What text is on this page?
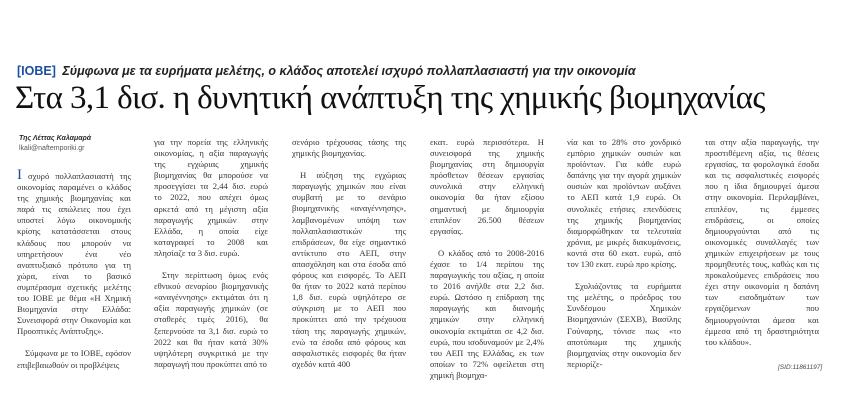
[ΙΟΒΕ] Σύμφωνα με τα ευρήματα μελέτης, ο κλάδος αποτελεί ισχυρό πολλαπλασιαστή για την οικονομία
Στα 3,1 δισ. η δυνητική ανάπτυξη της χημικής βιομηχανίας
Της Λέττας Καλαμαρά
lkali@naftemporiki.gr

Ι σχυρό πολλαπλασιαστή της οικονομίας παραμένει ο κλάδος της χημικής βιομηχανίας και παρά τις απώλειες που έχει υποστεί λόγω οικονομικής κρίσης κατατάσσεται στους κλάδους που μπορούν να υπηρετήσουν ένα νέο αναπτυξιακό πρότυπο για τη χώρα, είναι το βασικό συμπέρασμα σχετικής μελέτης του ΙΟΒΕ με θέμα «Η Χημική Βιομηχανία στην Ελλάδα: Συνεισφορά στην Οικονομία και Προοπτικές Ανάπτυξης».

Σύμφωνα με το ΙΟΒΕ, εφόσον επιβεβαιωθούν οι προβλέψεις

για την πορεία της ελληνικής οικονομίας, η αξία παραγωγής της εγχώριας χημικής βιομηχανίας θα μπορούσε να προσεγγίσει τα 2,44 δισ. ευρώ το 2022, που απέχει όμως αρκετά από τη μέγιστη αξία παραγωγής χημικών στην Ελλάδα, η οποία είχε καταγραφεί το 2008 και πλησίαζε τα 3 δισ. ευρώ.

Στην περίπτωση όμως ενός εθνικού σεναρίου βιομηχανικής «αναγέννησης» εκτιμάται ότι η αξία παραγωγής χημικών (σε σταθερές τιμές 2016), θα ξεπερνούσε τα 3,1 δισ. ευρώ το 2022 και θα ήταν κατά 30% υψηλότερη συγκριτικά με την παραγωγή που προκύπτει από το

σενάριο τρέχουσας τάσης της χημικής βιομηχανίας.

Η αύξηση της εγχώριας παραγωγής χημικών που είναι συμβατή με το σενάριο βιομηχανικής «αναγέννησης», λαμβανομένων υπόψη των πολλαπλασιαστικών της επιδράσεων, θα είχε σημαντικό αντίκτυπο στο ΑΕΠ, στην απασχόληση και στα έσοδα από φόρους και εισφορές. Το ΑΕΠ θα ήταν το 2022 κατά περίπου 1,8 δισ. ευρώ υψηλότερο σε σύγκριση με το ΑΕΠ που προκύπτει από την τρέχουσα τάση της παραγωγής χημικών, ενώ τα έσοδα από φόρους και ασφαλιστικές εισφορές θα ήταν σχεδόν κατά 400

εκατ. ευρώ περισσότερα. Η συνεισφορά της χημικής βιομηχανίας στη δημιουργία πρόσθετων θέσεων εργασίας συνολικά στην ελληνική οικονομία θα ήταν εξίσου σημαντική με δημιουργία επιπλέον 26.500 θέσεων εργασίας.

Ο κλάδος από το 2008-2016 έχασε το 1/4 περίπου της παραγωγικής του αξίας, η οποία το 2016 ανήλθε στα 2,2 δισ. ευρώ. Ωστόσο η επίδραση της παραγωγής και διανομής χημικών στην ελληνική οικονομία εκτιμάται σε 4,2 δισ. ευρώ, που ισοδυναμούν με 2,4% του ΑΕΠ της Ελλάδας, εκ των οποίων το 72% οφείλεται στη χημική βιομηχα-

νία και το 28% στο χονδρικό εμπόριο χημικών ουσιών και προϊόντων. Για κάθε ευρώ δαπάνης για την αγορά χημικών ουσιών και προϊόντων αυξάνει το ΑΕΠ κατά 1,9 ευρώ. Οι συνολικές ετήσιες επενδύσεις της χημικής βιομηχανίας διαμορφώθηκαν τα τελευταία χρόνια, με μικρές διακυμάνσεις, κοντά στα 60 εκατ. ευρώ, από τον 130 εκατ. ευρώ προ κρίσης.

Σχολιάζοντας τα ευρήματα της μελέτης, ο πρόεδρος του Συνδέσμου Χημικών Βιομηχανιών (ΣΕΧΒ), Βασίλης Γούναρης, τόνισε πως «το αποτύπωμα της χημικής βιομηχανίας στην οικονομία δεν περιορίζε-

ται στην αξία παραγωγής, την προστιθέμενη αξία, τις θέσεις εργασίας, τα φορολογικά έσοδα και τις ασφαλιστικές εισφορές που η ίδια δημιουργεί άμεσα στην οικονομία. Περιλαμβάνει, επιπλέον, τις έμμεσες επιδράσεις, οι οποίες δημιουργούνται από τις οικονομικές συναλλαγές των χημικών επιχειρήσεων με τους προμηθευτές τους, καθώς και τις προκαλούμενες επιδράσεις που έχει στην οικονομία η δαπάνη των εισοδημάτων των εργαζόμενων που δημιουργούνται άμεσα και έμμεσα από τη δραστηριότητα του κλάδου».

[SID:11861197]
